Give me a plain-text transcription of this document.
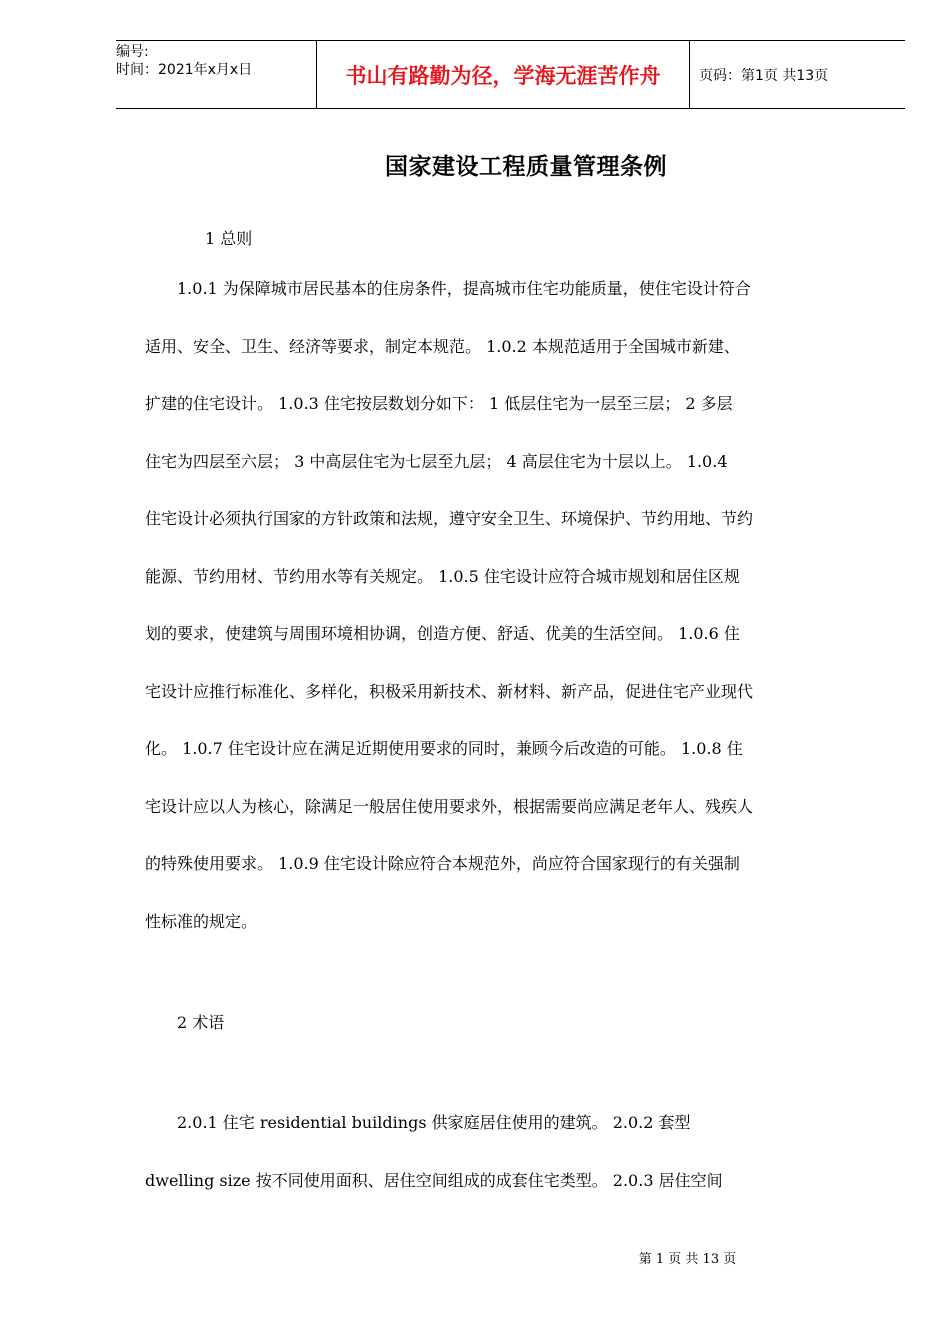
编号:
时间：2021年x月x日	书山有路勤为径，学海无涯苦作舟	页码：第1页 共13页
国家建设工程质量管理条例
1 总则
　　1.0.1 为保障城市居民基本的住房条件，提高城市住宅功能质量，使住宅设计符合
适用、安全、卫生、经济等要求，制定本规范。 1.0.2 本规范适用于全国城市新建、
扩建的住宅设计。 1.0.3 住宅按层数划分如下： 1 低层住宅为一层至三层； 2 多层
住宅为四层至六层； 3 中高层住宅为七层至九层； 4 高层住宅为十层以上。 1.0.4
住宅设计必须执行国家的方针政策和法规，遵守安全卫生、环境保护、节约用地、节约
能源、节约用材、节约用水等有关规定。 1.0.5 住宅设计应符合城市规划和居住区规
划的要求，使建筑与周围环境相协调，创造方便、舒适、优美的生活空间。 1.0.6 住
宅设计应推行标准化、多样化，积极采用新技术、新材料、新产品，促进住宅产业现代
化。 1.0.7 住宅设计应在满足近期使用要求的同时，兼顾今后改造的可能。 1.0.8 住
宅设计应以人为核心，除满足一般居住使用要求外，根据需要尚应满足老年人、残疾人
的特殊使用要求。 1.0.9 住宅设计除应符合本规范外，尚应符合国家现行的有关强制
性标准的规定。
2 术语
　　2.0.1 住宅 residential buildings 供家庭居住使用的建筑。 2.0.2 套型
dwelling size 按不同使用面积、居住空间组成的成套住宅类型。 2.0.3 居住空间
第 1 页 共 13 页
